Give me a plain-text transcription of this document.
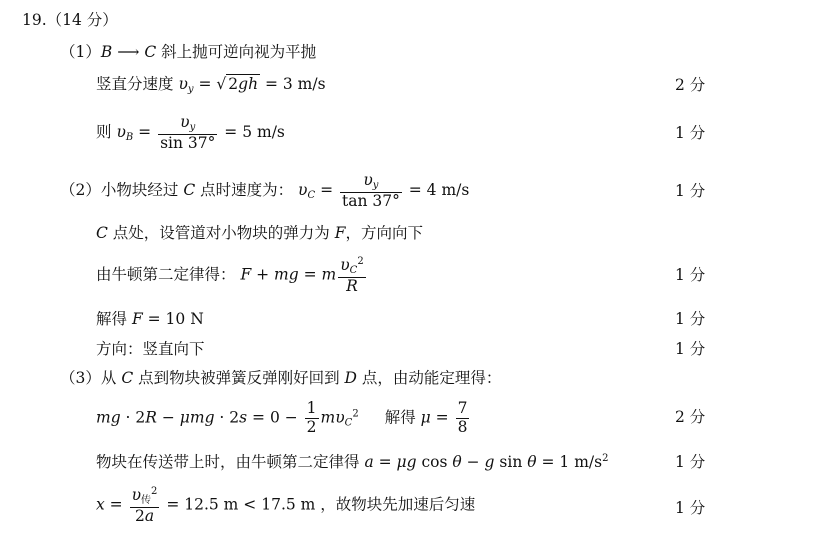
19.（14 分）
（1）B ⟶ C 斜上抛可逆向视为平抛
竖直分速度 $\upsilon_y$ = √ 2gh = 3 m/s	2 分
则 $\upsilon_B = \frac{\upsilon_y}{\sin 37^\circ} = 5$ m/s	1 分
（2）小物块经过 C 点时速度为： $\upsilon_C = \frac{\upsilon_y}{\tan 37^\circ} = 4$ m/s	1 分
C 点处，设管道对小物块的弹力为 F，方向向下
由牛顿第二定律得： F + mg = m $\frac{\upsilon_C^2}{R}$	1 分
解得 F = 10 N	1 分
方向：竖直向下	1 分
（3）从 C 点到物块被弹簧反弹刚好回到 D 点，由动能定理得：
mg · $2R - \mu mg \cdot 2s = 0 - \frac{1}{2} m\upsilon_C^2$ 解得 $\mu = \frac{7}{8}$	2 分
物块在传送带上时，由牛顿第二定律得 a = μg cos θ − g sin θ = 1 $m/s^2$	1 分
$x = \frac{\upsilon_传^2}{2a} = 12.5$ m < 17.5 m ，故物块先加速后匀速	1 分
